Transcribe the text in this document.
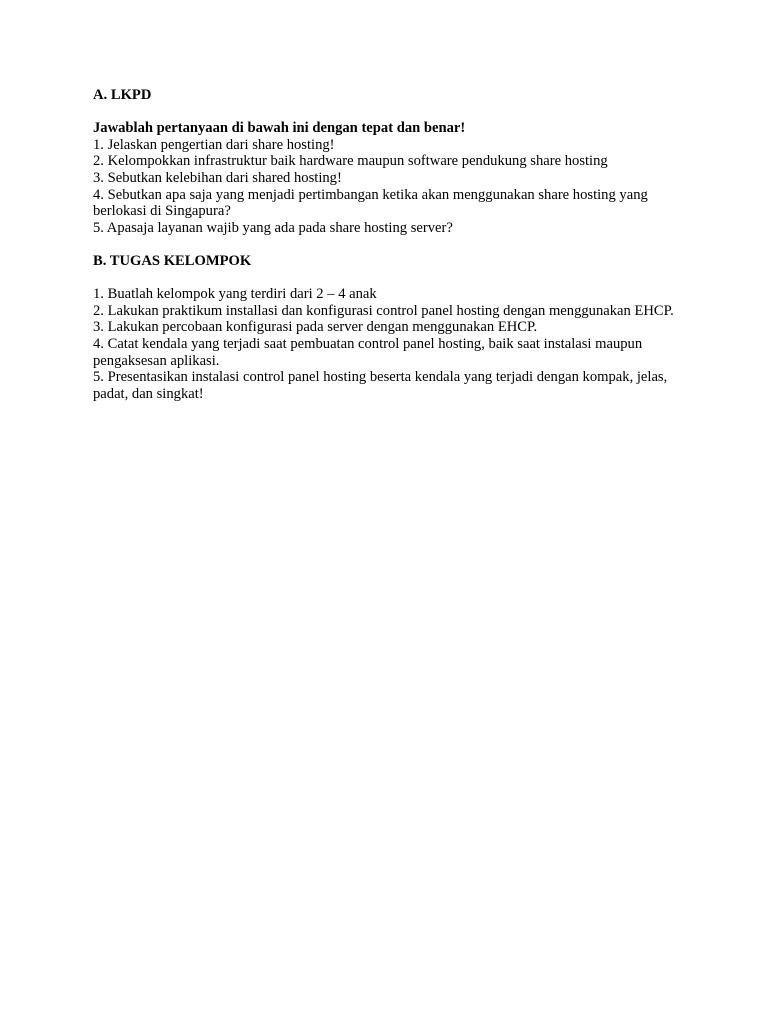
A. LKPD

Jawablah pertanyaan di bawah ini dengan tepat dan benar!

1. Jelaskan pengertian dari share hosting!
2. Kelompokkan infrastruktur baik hardware maupun software pendukung share hosting
3. Sebutkan kelebihan dari shared hosting!
4. Sebutkan apa saja yang menjadi pertimbangan ketika akan menggunakan share hosting yang berlokasi di Singapura?
5. Apasaja layanan wajib yang ada pada share hosting server?

B. TUGAS KELOMPOK

1. Buatlah kelompok yang terdiri dari 2 – 4 anak
2. Lakukan praktikum installasi dan konfigurasi control panel hosting dengan menggunakan EHCP.
3. Lakukan percobaan konfigurasi pada server dengan menggunakan EHCP.
4. Catat kendala yang terjadi saat pembuatan control panel hosting, baik saat instalasi maupun pengaksesan aplikasi.
5. Presentasikan instalasi control panel hosting beserta kendala yang terjadi dengan kompak, jelas, padat, dan singkat!
